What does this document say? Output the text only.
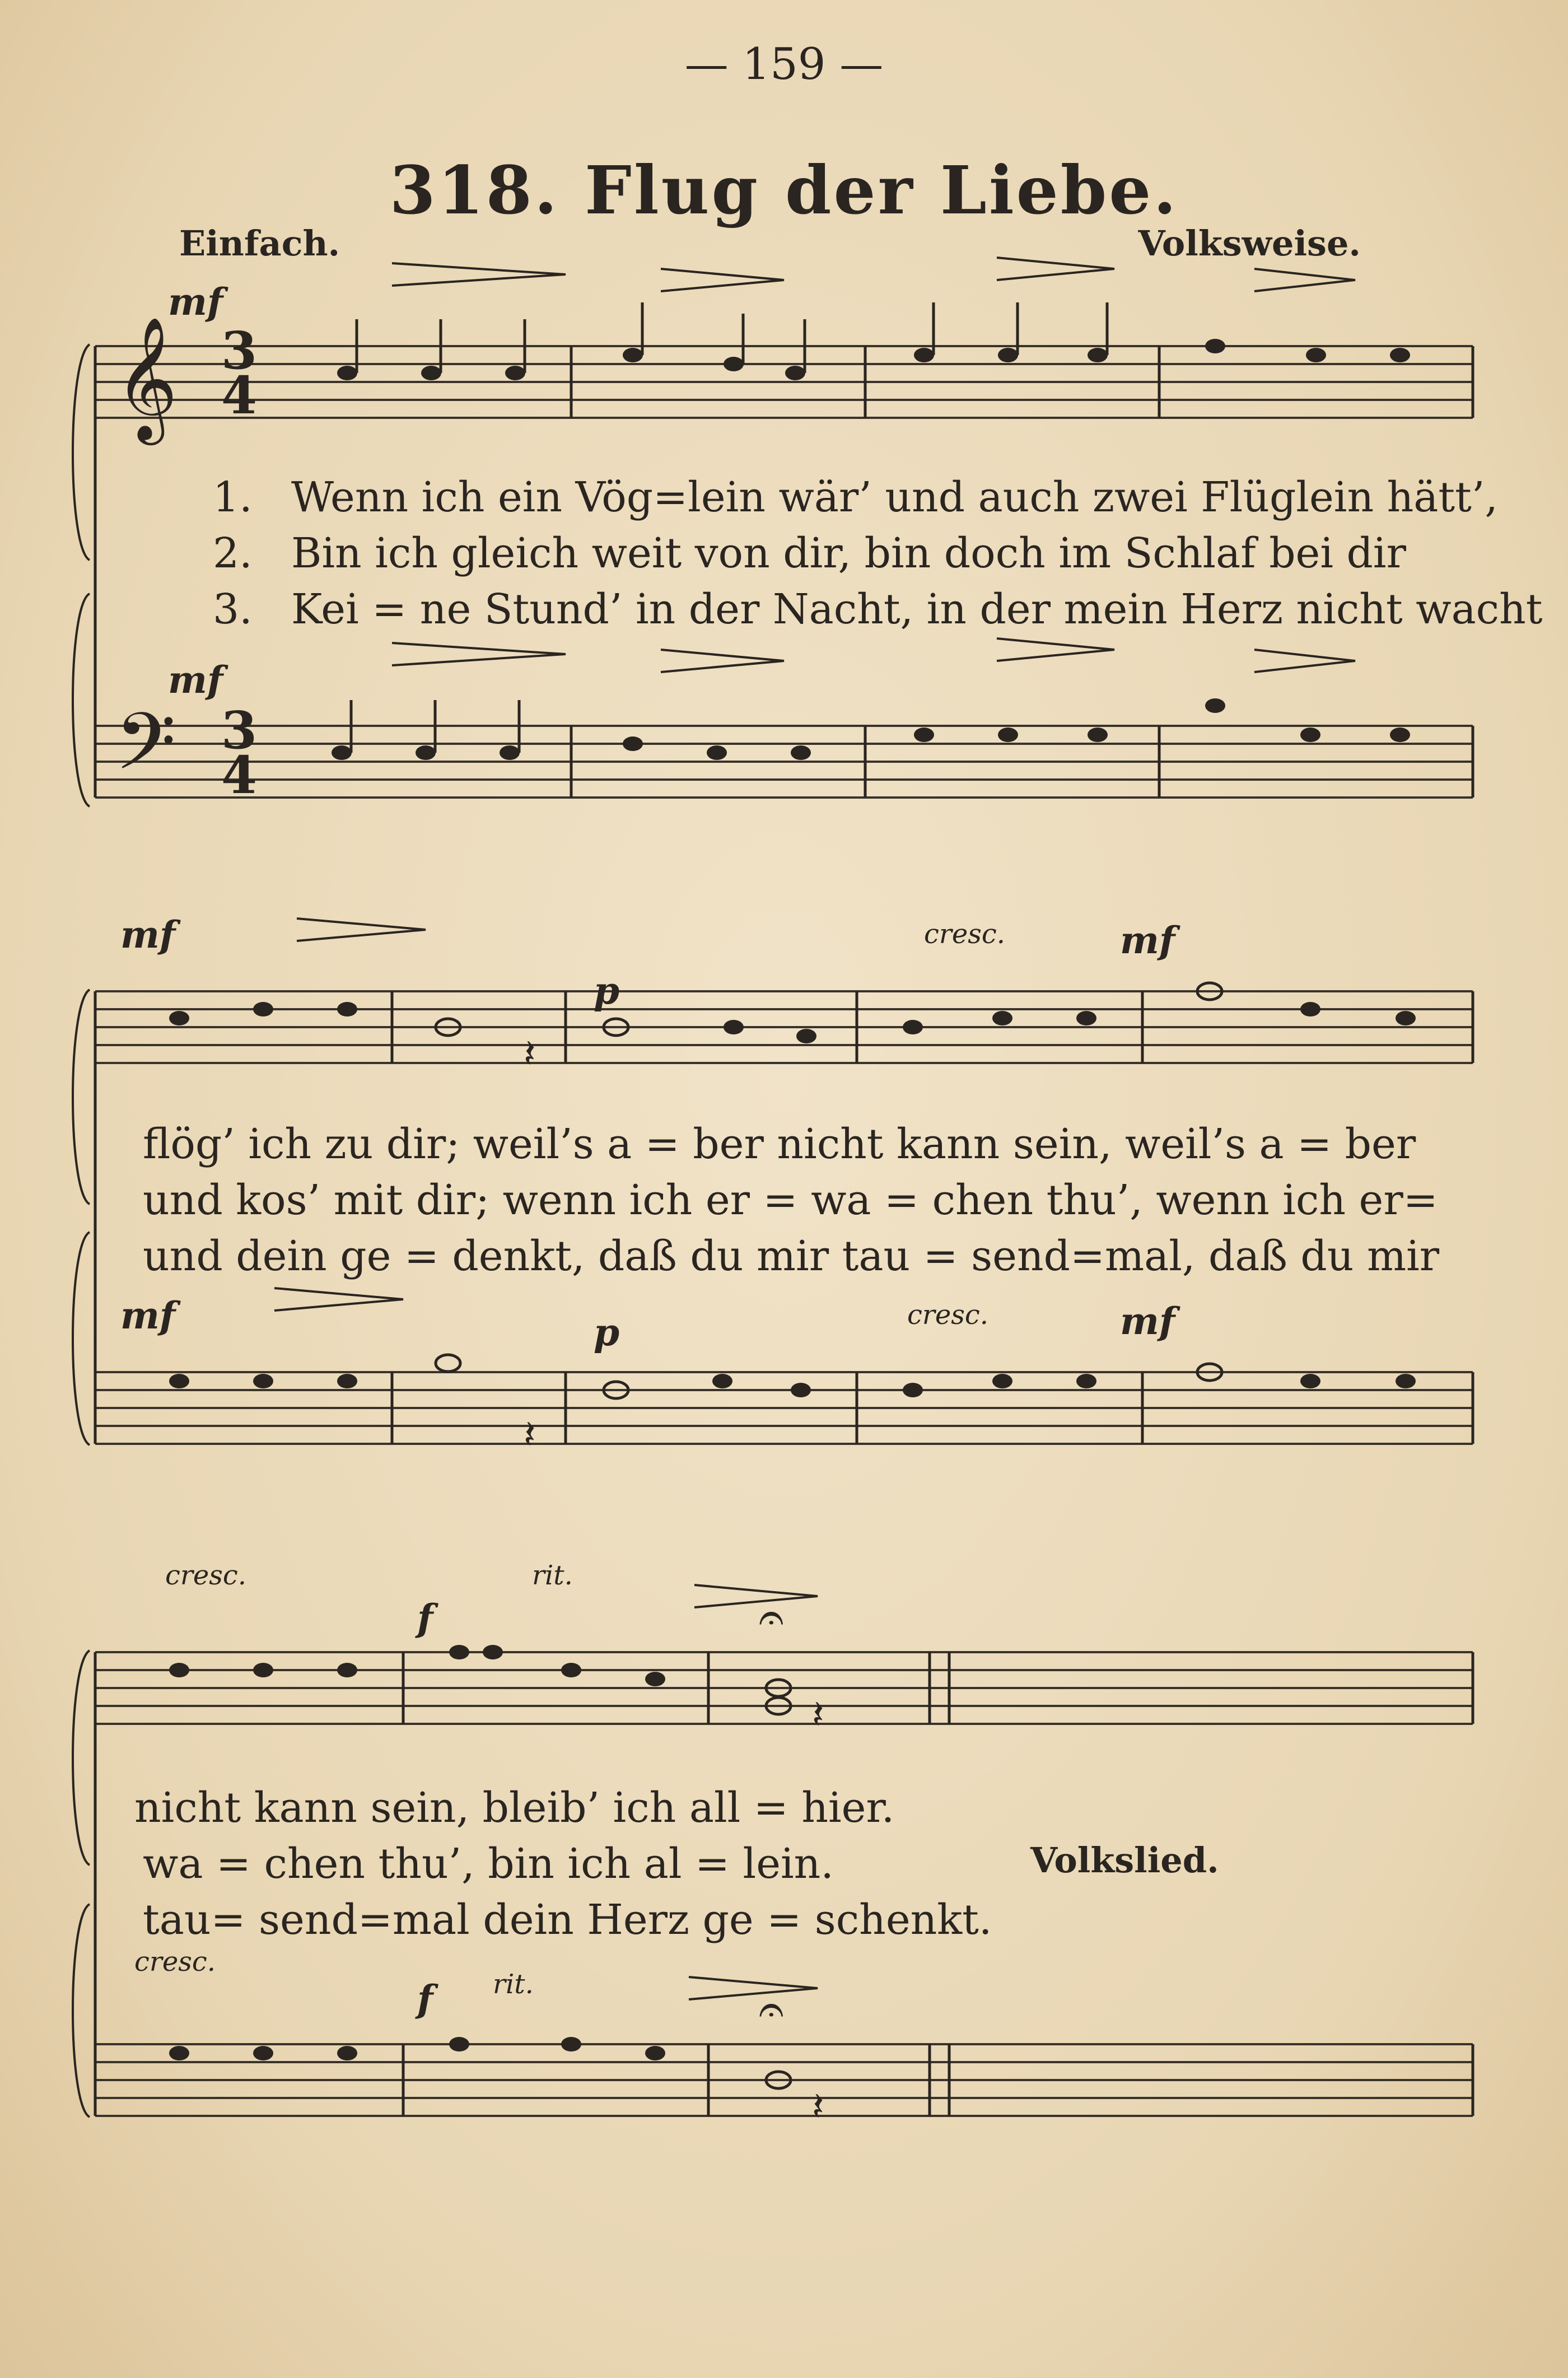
— 159 —
318. Flug der Liebe.
Einfach.	Volksweise.
𝄞
𝄢
𝄽
𝄽
𝄽
𝄽
𝄐
𝄐
mf
mf
mf
p
cresc.	mf
mf	p	cresc.	mf
cresc.
f
rit.
cresc.
f rit.
3
4
3
4
1.
2.
3.
Wenn ich ein Vög=lein wär’ und auch zwei Flüglein hätt’,
Bin ich gleich weit von dir, bin doch im Schlaf bei dir
Kei = ne Stund’ in der Nacht, in der mein Herz nicht wacht
flög’ ich zu dir; weil’s a = ber nicht kann sein, weil’s a = ber
und kos’ mit dir; wenn ich er = wa = chen thu’, wenn ich er=
und dein ge = denkt, daß du mir tau = send=mal, daß du mir
nicht kann sein, bleib’ ich all = hier.
wa = chen thu’, bin ich al = lein.
tau= send=mal dein Herz ge = schenkt.
Volkslied.
